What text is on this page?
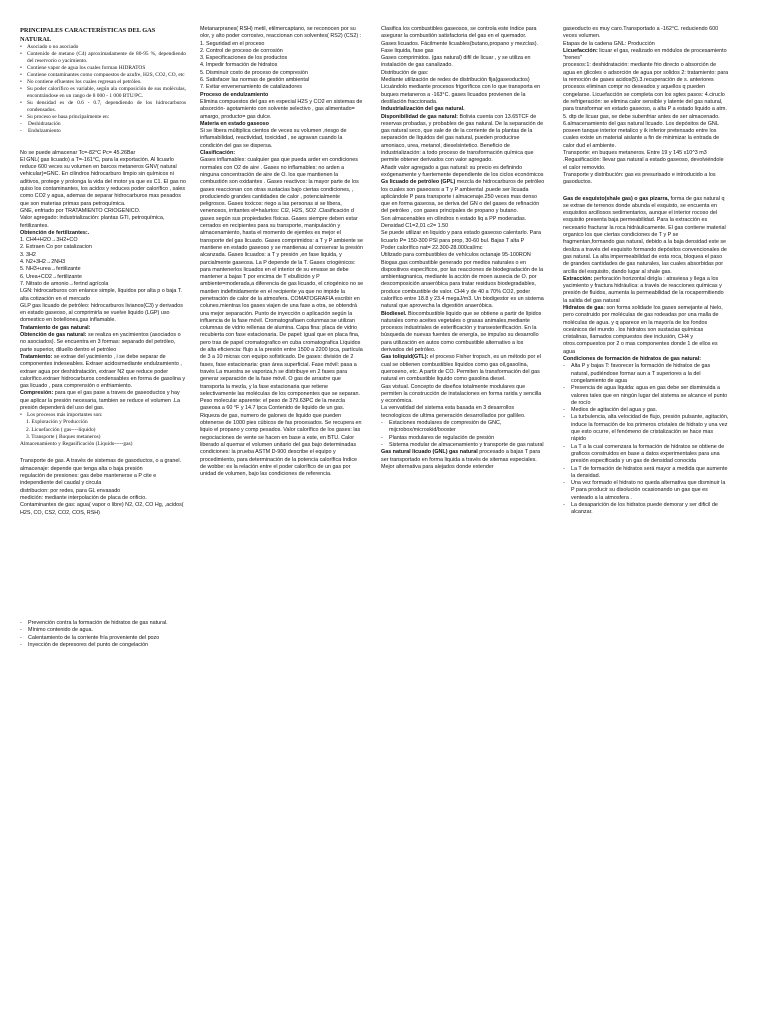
PRINCIPALES CARACTERÍSTICAS DEL GAS NATURAL

• Asociado o no asociado
• Contenido de metano (C4) aproximadamente de 80-95 %, dependiendo del reservorio o yacimiento.
• Contiene vapor de agua los cuales forman HIDRATOS
• Contiene contaminantes como compuestos de azufre, H2S, CO2, CO, etc
• No contiene efluentes los cuales regresan el petróleo.
• Su poder calorífico es variable, según ala composición de sus moléculas, encontrándose en un rango de 8 000 - 1 000 BTU/PC.
• Su densidad es de 0.6 - 0.7, dependiendo de los hidrocarburos condensados.
• Su proceso se basa principalmente en:
- Deshidratación
- Endulzamiento

No se puede almacenar Tc=-82°C Pc= 45.26Bar

El GNL( gas licuado) a T=-161°C, para la exportación. Al licuarlo reduce 600 veces su volumen en barcos metaneros GNV( natural vehicular)=GNC. En cilindros hidrocarburo limpio sin químicos ni aditivos, protege y prolonga la vida del motor ya que es C1. El gas no quiso los contaminantes, los acidos y reduces poder calorífico , sales como CO2 y agua, ademas de separar hidrocarburos mas pesados que son materias primas para petroquímica.

GNE, enfriado por TRATAMIENTO CRIOGENICO.

Valor agregado: industrialización: plantas GTI, petroquímica, fertilizantes.

Obtención de fertilizantes:.

1. CH4+H2O→3H2+CO

2. Extraen Co por catalizacion

3. 3H2

4. N2+3H2→2NH3

5. NH3+urea→fertilizante

6. Urea+CO2→fertilizante

7. Nitrato de amonio→fertnd agrícola

LGN: hidrocarburos con enlance simple, líquidos por alta p o baja T. alta cotización en el mercado

GLP gas licuado de petróleo: hidrocarburos livianos(C3) y derivados en estado gaseoso, al comprimirla se vuelve liquido (LGP) uso domestico en botellones,gas inflamable.

Tratamiento de gas natural:

Obtención de gas natural: se realiza en yacimientos (asociados o no asociados). Se encuentra en 3 formas: separado del petróleo, parte superior, diluello dentro el petróleo

Tratamiento: se extrae del yacimiento , i se debe separar de componentes indeseables. Extraer acidosmediante endulzamiento , extraer agua por deshidratación, extraer N2 que reduce poder calorífico.extraer hidrocarburos condensables en forma de gasolina y gas licuado , para comprensión o enfriamiento.

Compresión: para que el gas pase a traves de gaseoductos y hay que aplicar la presión necesaria, tambien se reduce el volumen .La presión dependerá del uso del gas.

• Los procesos más importantes son:

1. Exploración y Producción

2. Licuefacción ( gas----líquido)

3. Transporte ( Buques metaneros)

Almacenamiento y Regasificación (Líquido-----gas)

Transporte de gas. A través de sistemas de gasoductos, o a granel.

almacenaje: depende que tenga alta o baja presión

regulación de presiones: gas debe mantenerse a P cite e independiente del caudal y circula

distribucion: por redes, para GL envasado

medición: mediante interpolación de placa de orificio.

Contaminantes de gas: agua( vapor o libre) N2, O2, CO Hg, ,acidos( H2S, CO, CS2, CO2, COS, RSH)

- Prevención contra la formación de hidratos de gas natural.
- Mínimo contenido de agua.
- Calentamiento de la corriente fría proveniente del pozo
- Inyección de depresores del punto de congelación

Metanarpranes( RSH) metil, etilmercaptano, se reconocen por su olor, y alto poder corrosivo, reaccionan con solventes( RS2) (CS2) :

1. Seguridad en el proceso

2. Control de proceso de corrosión

3. Especificaciones de los productos

4. Impedir formación de hidratos

5. Disminuir costo de proceso de compresión

6. Satisfacer las normas de gestión ambiental

7. Evitar envenenamiento de catalizadores

Proceso de endulzamiento

Elimina compuestos del gas en especial H2S y CO2 en sistemas de absorción- agotamiento con solvente selectivo , gas alimentado= amargo, producto= gas dulce.

Materia en estado gaseoso

Si se libera múltiplica cientos de veces su volumen ,riesgo de inflamabilidad, reactividad, toxicidad , se agravan cuando la condición del gas se dispersa.

Clasificación:

Gases inflamables: cualquier gas que pueda arder en condiciones normales con O2 de aire . Gases no inflamables: no arden a ninguna concentración de aire de O. los que mantienen la combustión son oxidantes . Gases reactivos: la mayor parte de los gases reaccionan con otras sustacias bajo ciertas condiciones, , produciendo grandes cantidades de calor , potencialmente peligrosos. Gases toxicos: riego a las personas si se libera, venenosos, irritantes el=halurtos: Cl2, H2S, SO2 .Clasificación d gases según sus propiedades físicas. Gases siempre deben estar cerrados en recipientes para su transporte, manipulación y almacenamiento, hasta el momento de ejemles es mejor el transporte del gas licuado. Gases comprimidos: a T y P ambiente se mantiene en estado gaseoso y se mantienau al conservar la presión alcanzada. Gases licuados: a T y presión ,en fase liquida, y parcialmente gaseosa. La P depende de la T. Gases criogénicos: para mantenerlos licuados en el interior de su envase se debe mantener a bajas T por encima de T ebullición y P ambiente=moderada,a diferencia de gas licuado, el criogénico no se mantien indefinidamente en el recipiente ya que no impide la penetración de calor de la atmosfera. COMATOGRAFIA escribir en colunes.mientras los gases viajen de una fase a otra, se obtendrá una mejor separación. Punto de inyección o aplicación según la influencia de la fase móvil. Cromatografiaen colunmas:se utilizan columnas de vidrio rellenas de alumina. Capa fina: placa de vidrio recubierta con fase estacionaria. De papel: igual que en placa fina, pero tras de papel cromatografico en cuba cromatografica Líquidos de alta eficiencia: flujo a la presión entre 1500 a 2200 lpca, partícula de 3 a 10 micras con equipo sofisticado. De gases: división de 2 fases, fase estacionaria: gran área superficial. Fase móvil: pasa a través La muestra se vaporiza,h se distribuye en 2 fases para generar separación de la fase móvil. O gas de arrastre que transporta la mezla, y la fase estacionaria que retiene selectivamente las moléculas de los componentes que se separan. Peso molecular aparente: el peso de 379.63PC de la mezcla gaseosa a 60 °F y 14.7 lpca Contenido de liquido de un gas. Riqueza de gas, numero de galones de liquido que pueden obtenerse de 1000 pies cúbicos de fas procesados. Se recupera en liquio el propano y comp pesados. Valor calorífico de los gases: las negociaciones de vente se hacen en base a este, en BTU. Calor liberado al quemar el volumen unitario del gas bajo determinadas condiciones: la prueba ASTM D-900 describe el equipo y procedimiento, para determinación de la potencia calorífica Indice de wobbe: es la relación entre el poder calorífico de un gas por unidad de volumen, bajo las condiciones de referencia.

Clasifica los combustibles gaseosos, se controla este índice para asegurar la combustión satisfactoria del gas en el quemador.

Gases licuados. Fácilmente licuables(butano,propano y mezclas). Fase liquida, fase gas

Gases comprimidos. (gas natural) difil de licuar , y se utiliza en instalación de gas canalizado.

Distribución de gas:

Mediante utilización de redes de distribución fija(gaseoductos) Licuándolo mediante procesos frigoríficos con lo que transporta en buques metaneros a -163°C. gases licuados provienen de la destilación fraccionada.

Industrialización del gas natural.

Disponibilidad de gas natural: Bolivia cuenta con 13.65TCF de reservas probadas, y probables de gas natural. De la separación de gas natural seco, que sale de de la corriente de la plantas de la separación de líquidos del gas natural, pueden producirse amoniaco, urea, metanol, dieselsintetico. Beneficio de industrialización: a todo proceso de transformación química que permite obtener derivados con valor agregado.

Añadir valor agregado a gas natural: su precio es definindo exógenamente y fuertemente dependiente de los ciclos económicos

Gs licuado de petróleo (GPL) mezcla de hidrocarburos de petróleo los cuales son gaseosos a T y P ambiental ,puede ser licuada aplicándole P para transporte i almacenaje.250 veces mas denso que en forma gaseosa, se deriva del GN o del gases de refinación del petróleo , con gases principales de propano y butano.

Son almacenables en cilindros n estado liq a PP moderadas. Densidad C1=2,01 c2= 1.50

Se puede utilizar en liquido y para estado gaseoso calentarlo. Para licuarlo P= 150-300 PSI para prop, 30-60 bul. Bajas T alta P

Poder calorífico nat= 22.300-28.000cal/mc

Utilizado para combustibles de vehículos octanaje 95-100RON Biogas.gas combustible generado por medios naturales o en dispositivos específicos, por las reacciones de biodegradación de la ambientagnanica, mediante la acción de moen ausecia de O. por descomposición anaeróbica para tratar residuos biodegradables, produce combustible de valor. CH4 y de 40 a 70% CO2, poder calorífico entre 18.8 y 23.4 megaJ/m3. Un biodigestor es un sistema natural que aprovecha la digestión anaeróbica.

Biodiesel. Biocombustible liquido que se obtiene a partir de lípidos naturales como aceites vegetales o grasas animales,mediante procesos industriales de esterificación y transesterificación. En la búsqueda de nuevas fuentes de energía, se impulso su desarrollo para utilización en autos como combustible alternativo a los derivados del petróleo.

Gas toliquid(GTL): el proceso Fisher tropsch, es un método por el cual se obtienen combustibles líquidos como gas oil,gasolina, queroseno, etc. A partir de CO. Permiten la transformación del gas natural en combustible liquido como gasolina diesel.

Gas vistual. Concepto de diseños totalmente modulares que permiten la construcción de instalaciones en forma rarida y sencilla y económica.

La venvatidad del sistema esta basada en 3 desarrollos tecnologicos de ultima generación desarrollados por gallileo.

- Estaciones modulares de compresión de GNC, mijcrobox/microskid/booster
- Plantas modulares de regulación de presión
- Sistema modular de almacenamiento y transporte de gas natural

Gas natural licuado (GNL) gas natural procesado a bajas T para ser transportado en forma liquida a través de sitemas especiales. Mejor alternativa para alejados donde extender

gaseoducto es muy caro.Transportado a -162°C. reduciendo 600 veces volumen.

Etapas de la cadena GNL: Producción

Licuefacción: licuar el gas, realizado en módulos de procesamiento "trenes"

procesos:1: deshidratación: mediante frio directo o absorción de agua en glicoles o adsorción de agua por solidos 2: tratamiento: para la remoción de gases acidos(5).3.recuperación de s. anteriores procesos eliminan compr no deseados y aquellos q pueden congelarse. Licuefacción se completa con los sgtes pasos: 4.ciruclo de refrigeración: se elimina calor sensible y latente del gas natural, para transformar en estado gaseoso, a alta P a estado liquido a atm. 5. dtp de licuar gas, se debe subenfriar antes de ser almacenado. 6.almacenamiento del gas natural licuado. Los depósitos de GNL poseen tanque interior metalico y ik inferior pretensado entre los cuales existe un material aislante a fin de minimizar la entrada de calor dud el ambiente.

Transporte: en buques metaneros. Entre 19 y 145 x10^3 m3 .Regasificación: llevar gas natural a estado gaseoso, devolviéndole el calor removido.

Transporte y distribución: gas es presurisado e introducido a los gasoductos.

Gas de esquisto(shale gas) o gas pizarra, forma de gas natural q se extrae de terrenos donde abunda el esquisto, se encuenta en esquisitos arcillosos sedimentarios, aunque el interior rocoso del esquisito presenta baja permeabilidad. Para la extracción es necesario fracturar la roca hidráulicamente. El gas contiene material organico los que ciertas condiciones de T y P se fragmentan,formando gas natural, debido a la baja densidad este se desliza a través del esquisito formando depósitos convencionales de gas natural. La alta impermeabilidad de esta roca, bloquea el paso de grandes cantidades de gas naturales, las cuales absorbidas por arcilla del esquisito, dando lugar al shale gas.

Extracción: perforación horizontal dirigía : atraviesa y llega a los yacimiento y fractura hidráulica: a través de reacciones químicas y presión de fluidos, aumenta la permeabilidad de la rocapermitiendo la salida del gas natural

Hidratos de gas: son forma solidade los gases semejante al hielo, pero construido por moléculas de gas rodeadas por una malla de moléculas de agua. y q aparece en la mayoría de los fondos oceánicos del mundo . los hidratos son sustacias químicas cristalinas, llamados compuestos dee inclusión, CH4 y otros.compuestos por 2 o mas componentes donde 1 de ellos es agua

Condiciones de formación de hidratos de gas natural:

- Alta P y bajas T: favorecer la formación de hidratos de gas natural, pudiéndose formar aun a T superiores a la del congelamiento de agua
- Presencia de agua liquida: agua en gas debe ser disminuida a valores tales que en ningún lugar del sistema se alcance el punto de rocío
- Medios de agitación del agua y gas.
- La turbulencia, alta velocidad de flujo, presión pulsante, agitación, induce la formación de los primeros cristales de hidrato y una vez que esto ocurre, el fenómeno de cristalización se hace mas rápido
- La T a la cual comenzara la formación de hidratos se obtiene de graficos construidos en base a datos experimentales para una presión especificada y un gas de densidad conocida
- La T de formación de hidratos será mayor a medida que aumente la densidad.
- Una vez formado el hidrato no queda alternativa que disminuir la P para producir su disolución ocasionando un gas que es venteado a la atmosfera .
- La desaparición de los hidratos puede demorar y ser dificil de alcanzar.
